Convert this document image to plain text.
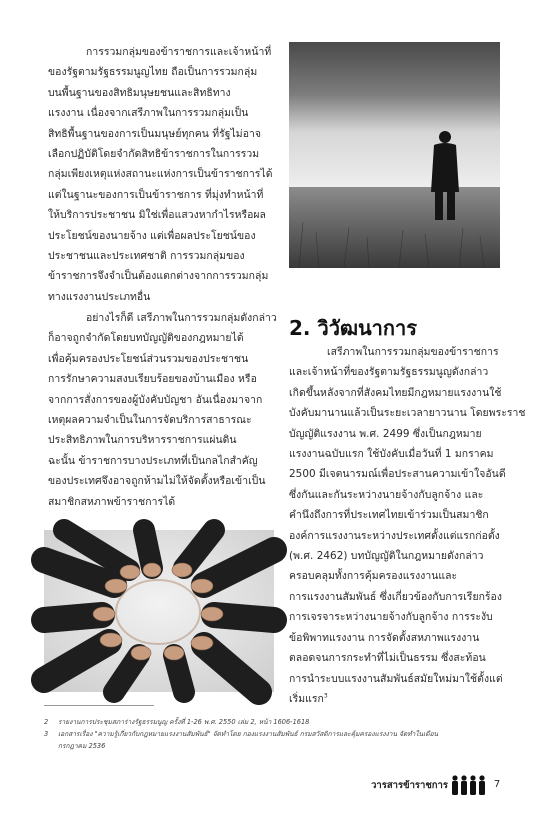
การรวมกลุ่มของข้าราชการและเจ้าหน้าที่
ของรัฐตามรัฐธรรมนูญไทย ถือเป็นการรวมกลุ่ม
บนพื้นฐานของสิทธิมนุษยชนและสิทธิทาง
แรงงาน เนื่องจากเสรีภาพในการรวมกลุ่มเป็น
สิทธิพื้นฐานของการเป็นมนุษย์ทุกคน ที่รัฐไม่อาจ
เลือกปฏิบัติโดยจำกัดสิทธิข้าราชการในการรวม
กลุ่มเพียงเหตุแห่งสถานะแห่งการเป็นข้าราชการได้
แต่ในฐานะของการเป็นข้าราชการ ที่มุ่งทำหน้าที่
ให้บริการประชาชน มิใช่เพื่อแสวงหากำไรหรือผล
ประโยชน์ของนายจ้าง แต่เพื่อผลประโยชน์ของ
ประชาชนและประเทศชาติ การรวมกลุ่มของ
ข้าราชการจึงจำเป็นต้องแตกต่างจากการรวมกลุ่ม
ทางแรงงานประเภทอื่น

อย่างไรก็ดี เสรีภาพในการรวมกลุ่มดังกล่าว
ก็อาจถูกจำกัดโดยบทบัญญัติของกฎหมายได้
เพื่อคุ้มครองประโยชน์ส่วนรวมของประชาชน
การรักษาความสงบเรียบร้อยของบ้านเมือง หรือ
จากการสั่งการของผู้บังคับบัญชา อันเนื่องมาจาก
เหตุผลความจำเป็นในการจัดบริการสาธารณะ
ประสิทธิภาพในการบริหารราชการแผ่นดิน
ฉะนั้น ข้าราชการบางประเภทที่เป็นกลไกสำคัญ
ของประเทศจึงอาจถูกห้ามไม่ให้จัดตั้งหรือเข้าเป็น
สมาชิกสหภาพข้าราชการได้

2. วิวัฒนาการ

เสรีภาพในการรวมกลุ่มของข้าราชการ
และเจ้าหน้าที่ของรัฐตามรัฐธรรมนูญดังกล่าว
เกิดขึ้นหลังจากที่สังคมไทยมีกฎหมายแรงงานใช้
บังคับมานานแล้วเป็นระยะเวลายาวนาน โดยพระราช
บัญญัติแรงงาน พ.ศ. 2499 ซึ่งเป็นกฎหมาย
แรงงานฉบับแรก ใช้บังคับเมื่อวันที่ 1 มกราคม
2500 มีเจตนารมณ์เพื่อประสานความเข้าใจอันดี
ซึ่งกันและกันระหว่างนายจ้างกับลูกจ้าง และ
คำนึงถึงการที่ประเทศไทยเข้าร่วมเป็นสมาชิก
องค์การแรงงานระหว่างประเทศตั้งแต่แรกก่อตั้ง
(พ.ศ. 2462) บทบัญญัติในกฎหมายดังกล่าว
ครอบคลุมทั้งการคุ้มครองแรงงานและ
การแรงงานสัมพันธ์ ซึ่งเกี่ยวข้องกับการเรียกร้อง
การเจรจาระหว่างนายจ้างกับลูกจ้าง การระงับ
ข้อพิพาทแรงงาน การจัดตั้งสหภาพแรงงาน
ตลอดจนการกระทำที่ไม่เป็นธรรม ซึ่งสะท้อน
การนำระบบแรงงานสัมพันธ์สมัยใหม่มาใช้ตั้งแต่
เริ่มแรก$^3$

2	รายงานการประชุมสภาร่างรัฐธรรมนูญ ครั้งที่ 1-26 พ.ศ. 2550 เล่ม 2, หน้า 1606-1618
3	เอกสารเรื่อง "ความรู้เกี่ยวกับกฎหมายแรงงานสัมพันธ์" จัดทำโดย กองแรงงานสัมพันธ์ กรมสวัสดิการและคุ้มครองแรงงาน จัดทำในเดือน
กรกฎาคม 2536
วารสารข้าราชการ	7
